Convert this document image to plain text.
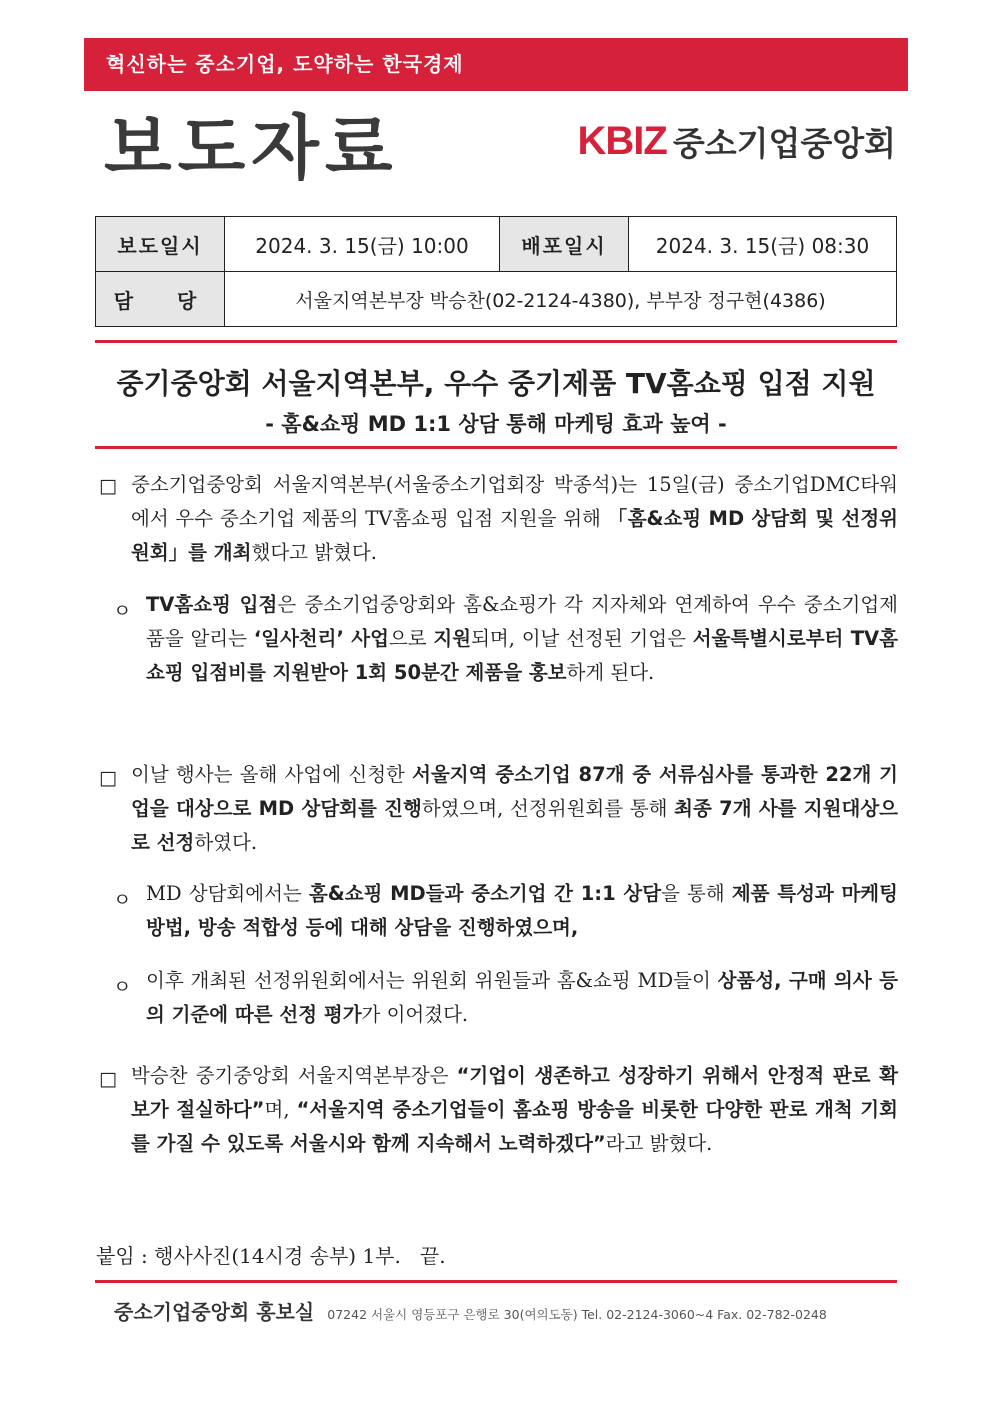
혁신하는 중소기업, 도약하는 한국경제
보도자료	KBIZ 중소기업중앙회
보도일시	2024. 3. 15(금) 10:00	배포일시	2024. 3. 15(금) 08:30
담  당	서울지역본부장 박승찬(02-2124-4380), 부부장 정구현(4386)		
중기중앙회 서울지역본부, 우수 중기제품 TV홈쇼핑 입점 지원
- 홈&쇼핑 MD 1:1 상담 통해 마케팅 효과 높여 -
□ 중소기업중앙회 서울지역본부(서울중소기업회장 박종석)는 15일(금) 중소기업DMC타워에서 우수 중소기업 제품의 TV홈쇼핑 입점 지원을 위해 「홈&쇼핑 MD 상담회 및 선정위원회」를 개최했다고 밝혔다.
ㅇ TV홈쇼핑 입점은 중소기업중앙회와 홈&쇼핑가 각 지자체와 연계하여 우수 중소기업제품을 알리는 ‘일사천리’ 사업으로 지원되며, 이날 선정된 기업은 서울특별시로부터 TV홈쇼핑 입점비를 지원받아 1회 50분간 제품을 홍보하게 된다.
□ 이날 행사는 올해 사업에 신청한 서울지역 중소기업 87개 중 서류심사를 통과한 22개 기업을 대상으로 MD 상담회를 진행하였으며, 선정위원회를 통해 최종 7개 사를 지원대상으로 선정하였다.
ㅇ MD 상담회에서는 홈&쇼핑 MD들과 중소기업 간 1:1 상담을 통해 제품 특성과 마케팅 방법, 방송 적합성 등에 대해 상담을 진행하였으며,
ㅇ 이후 개최된 선정위원회에서는 위원회 위원들과 홈&쇼핑 MD들이 상품성, 구매 의사 등의 기준에 따른 선정 평가가 이어졌다.
□ 박승찬 중기중앙회 서울지역본부장은 “기업이 생존하고 성장하기 위해서 안정적 판로 확보가 절실하다”며, “서울지역 중소기업들이 홈쇼핑 방송을 비롯한 다양한 판로 개척 기회를 가질 수 있도록 서울시와 함께 지속해서 노력하겠다”라고 밝혔다.
붙임 : 행사사진(14시경 송부) 1부.   끝.
중소기업중앙회 홍보실 07242 서울시 영등포구 은행로 30(여의도동) Tel. 02-2124-3060~4 Fax. 02-782-0248
